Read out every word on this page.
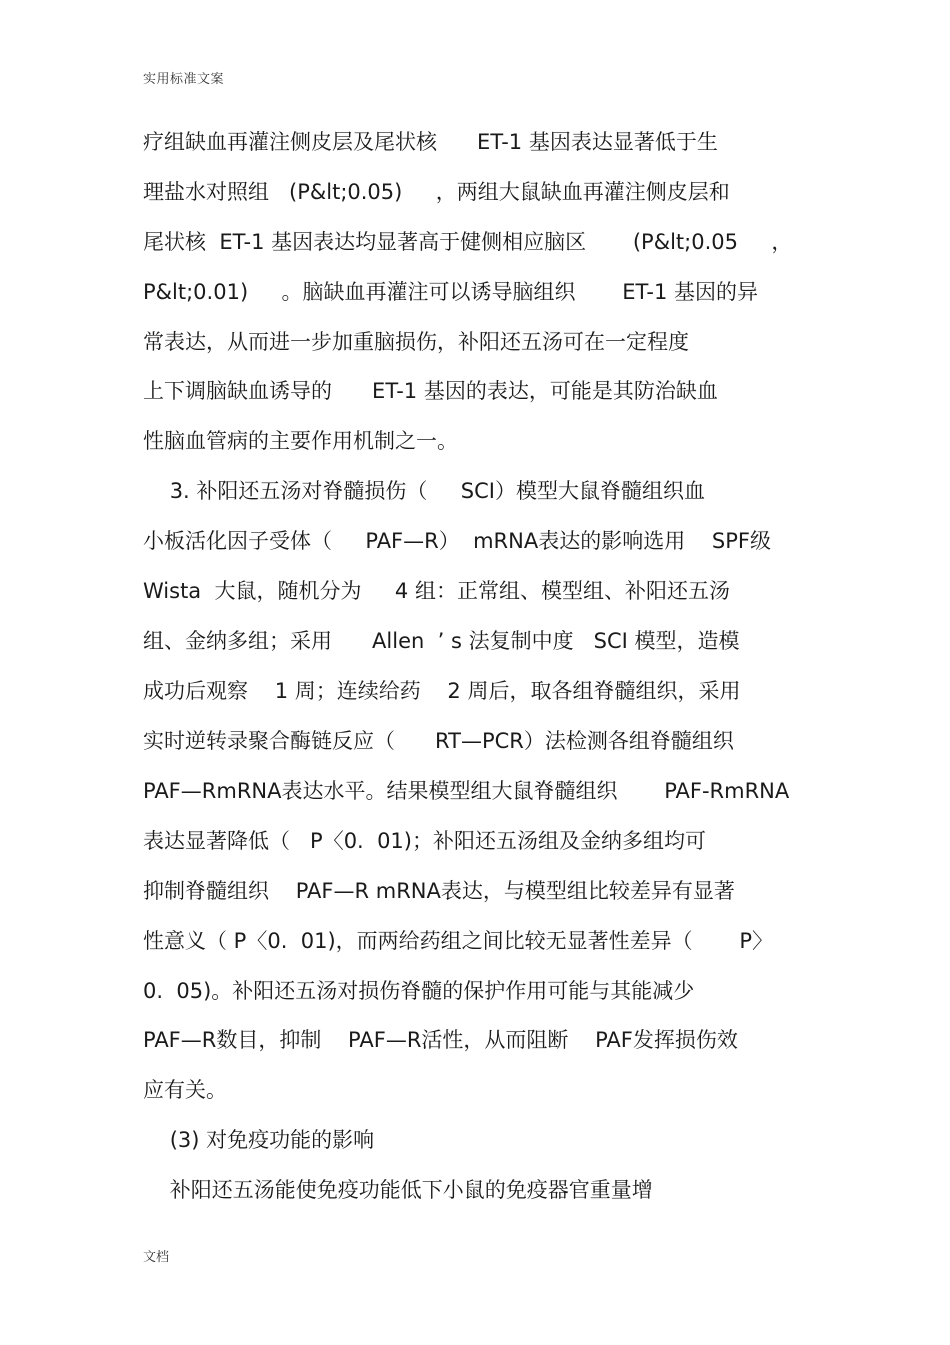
实用标准文案
疗组缺血再灌注侧皮层及尾状核      ET-1 基因表达显著低于生
理盐水对照组   (P&lt;0.05)     ，两组大鼠缺血再灌注侧皮层和
尾状核  ET-1 基因表达均显著高于健侧相应脑区       (P&lt;0.05     ，
P&lt;0.01)     。脑缺血再灌注可以诱导脑组织       ET-1 基因的异
常表达，从而进一步加重脑损伤，补阳还五汤可在一定程度
上下调脑缺血诱导的      ET-1 基因的表达，可能是其防治缺血
性脑血管病的主要作用机制之一。
3. 补阳还五汤对脊髓损伤（     SCI）模型大鼠脊髓组织血
小板活化因子受体（     PAF—R）  mRNA表达的影响选用    SPF级
Wista  大鼠，随机分为     4 组：正常组、模型组、补阳还五汤
组、金纳多组；采用      Allen  ’ s 法复制中度   SCI 模型，造模
成功后观察    1 周；连续给药    2 周后，取各组脊髓组织，采用
实时逆转录聚合酶链反应（      RT—PCR）法检测各组脊髓组织
PAF—RmRNA表达水平。结果模型组大鼠脊髓组织       PAF-RmRNA
表达显著降低（   P〈0.  01)；补阳还五汤组及金纳多组均可
抑制脊髓组织    PAF—R mRNA表达，与模型组比较差异有显著
性意义（ P〈0.  01)，而两给药组之间比较无显著性差异（       P〉
0.  05)。补阳还五汤对损伤脊髓的保护作用可能与其能减少
PAF—R数目，抑制    PAF—R活性，从而阻断    PAF发挥损伤效
应有关。
(3) 对免疫功能的影响
补阳还五汤能使免疫功能低下小鼠的免疫器官重量增
文档
